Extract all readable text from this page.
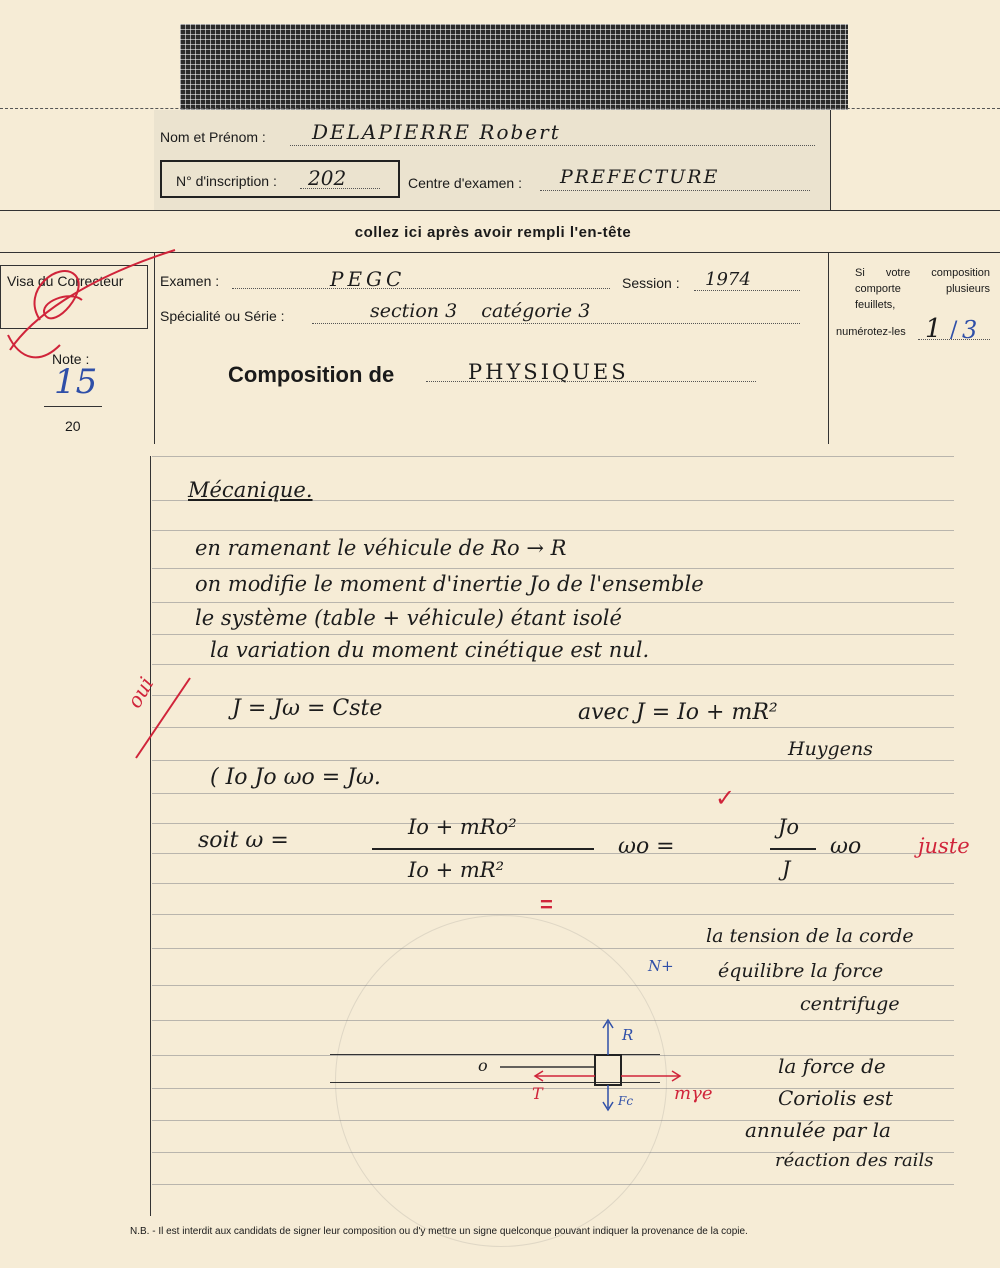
Nom et Prénom : DELAPIERRE Robert
N° d'inscription : 202	Centre d'examen : PREFECTURE
collez ici après avoir rempli l'en-tête
Visa du Correcteur
Note :
15
20
Examen :	PEGC	Session : 1974
Spécialité ou Série :	section 3    catégorie 3
Composition de	PHYSIQUES
Si votre composition comporte plusieurs feuillets,
numérotez-les 1 / 3
Mécanique.
en ramenant le véhicule de Ro → R
on modifie le moment d'inertie Jo de l'ensemble
le système (table + véhicule) étant isolé
la variation du moment cinétique est nul.
oui	J = Jω = Cste	avec J = Io + mR²
Huygens
( Io Jo ωo = Jω.
✓
soit ω =
Io + mRo²
Io + mR²
ωo =
Jo
J
ωo	juste
=
la tension de la corde
équilibre la force
centrifuge
N+
o
R
T	Fc mγe
la force de
Coriolis est
annulée par la
réaction des rails
N.B. - Il est interdit aux candidats de signer leur composition ou d'y mettre un signe quelconque pouvant indiquer la provenance de la copie.
